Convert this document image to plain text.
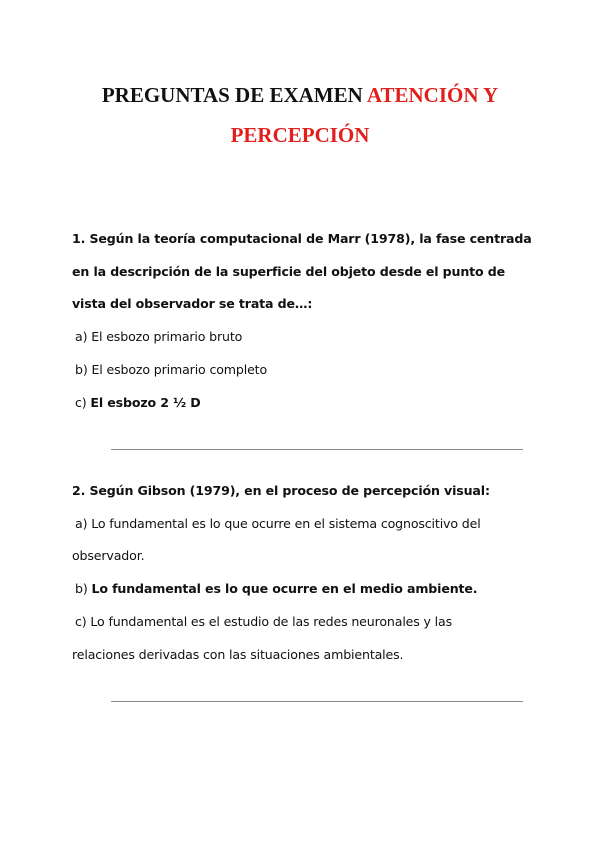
PREGUNTAS DE EXAMEN ATENCIÓN Y
PERCEPCIÓN

1. Según la teoría computacional de Marr (1978), la fase centrada en la descripción de la superficie del objeto desde el punto de vista del observador se trata de…:

a) El esbozo primario bruto

b) El esbozo primario completo

c) El esbozo 2 ½ D

2. Según Gibson (1979), en el proceso de percepción visual:

a) Lo fundamental es lo que ocurre en el sistema cognoscitivo del

observador.

b) Lo fundamental es lo que ocurre en el medio ambiente.

c) Lo fundamental es el estudio de las redes neuronales y las

relaciones derivadas con las situaciones ambientales.
